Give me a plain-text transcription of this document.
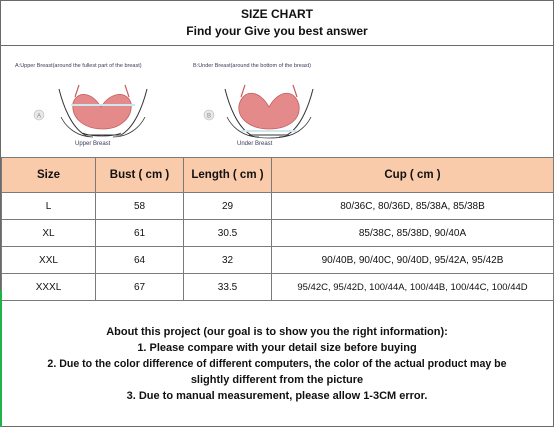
SIZE CHART
Find your Give you best answer
A:Upper Breast(around the fullest part of the breast)
A
Upper Breast
B:Under Breast(around the bottom of the breast)
B
Under Breast
Size	Bust ( cm )	Length ( cm )	Cup ( cm )
L	58	29	80/36C, 80/36D, 85/38A, 85/38B
XL	61	30.5	85/38C, 85/38D, 90/40A
XXL	64	32	90/40B, 90/40C, 90/40D, 95/42A, 95/42B
XXXL	67	33.5	95/42C, 95/42D, 100/44A, 100/44B, 100/44C, 100/44D
About this project (our goal is to show you the right information):
1. Please compare with your detail size before buying
2. Due to the color difference of different computers, the color of the actual product may be
slightly different from the picture
3. Due to manual measurement, please allow 1-3CM error.
